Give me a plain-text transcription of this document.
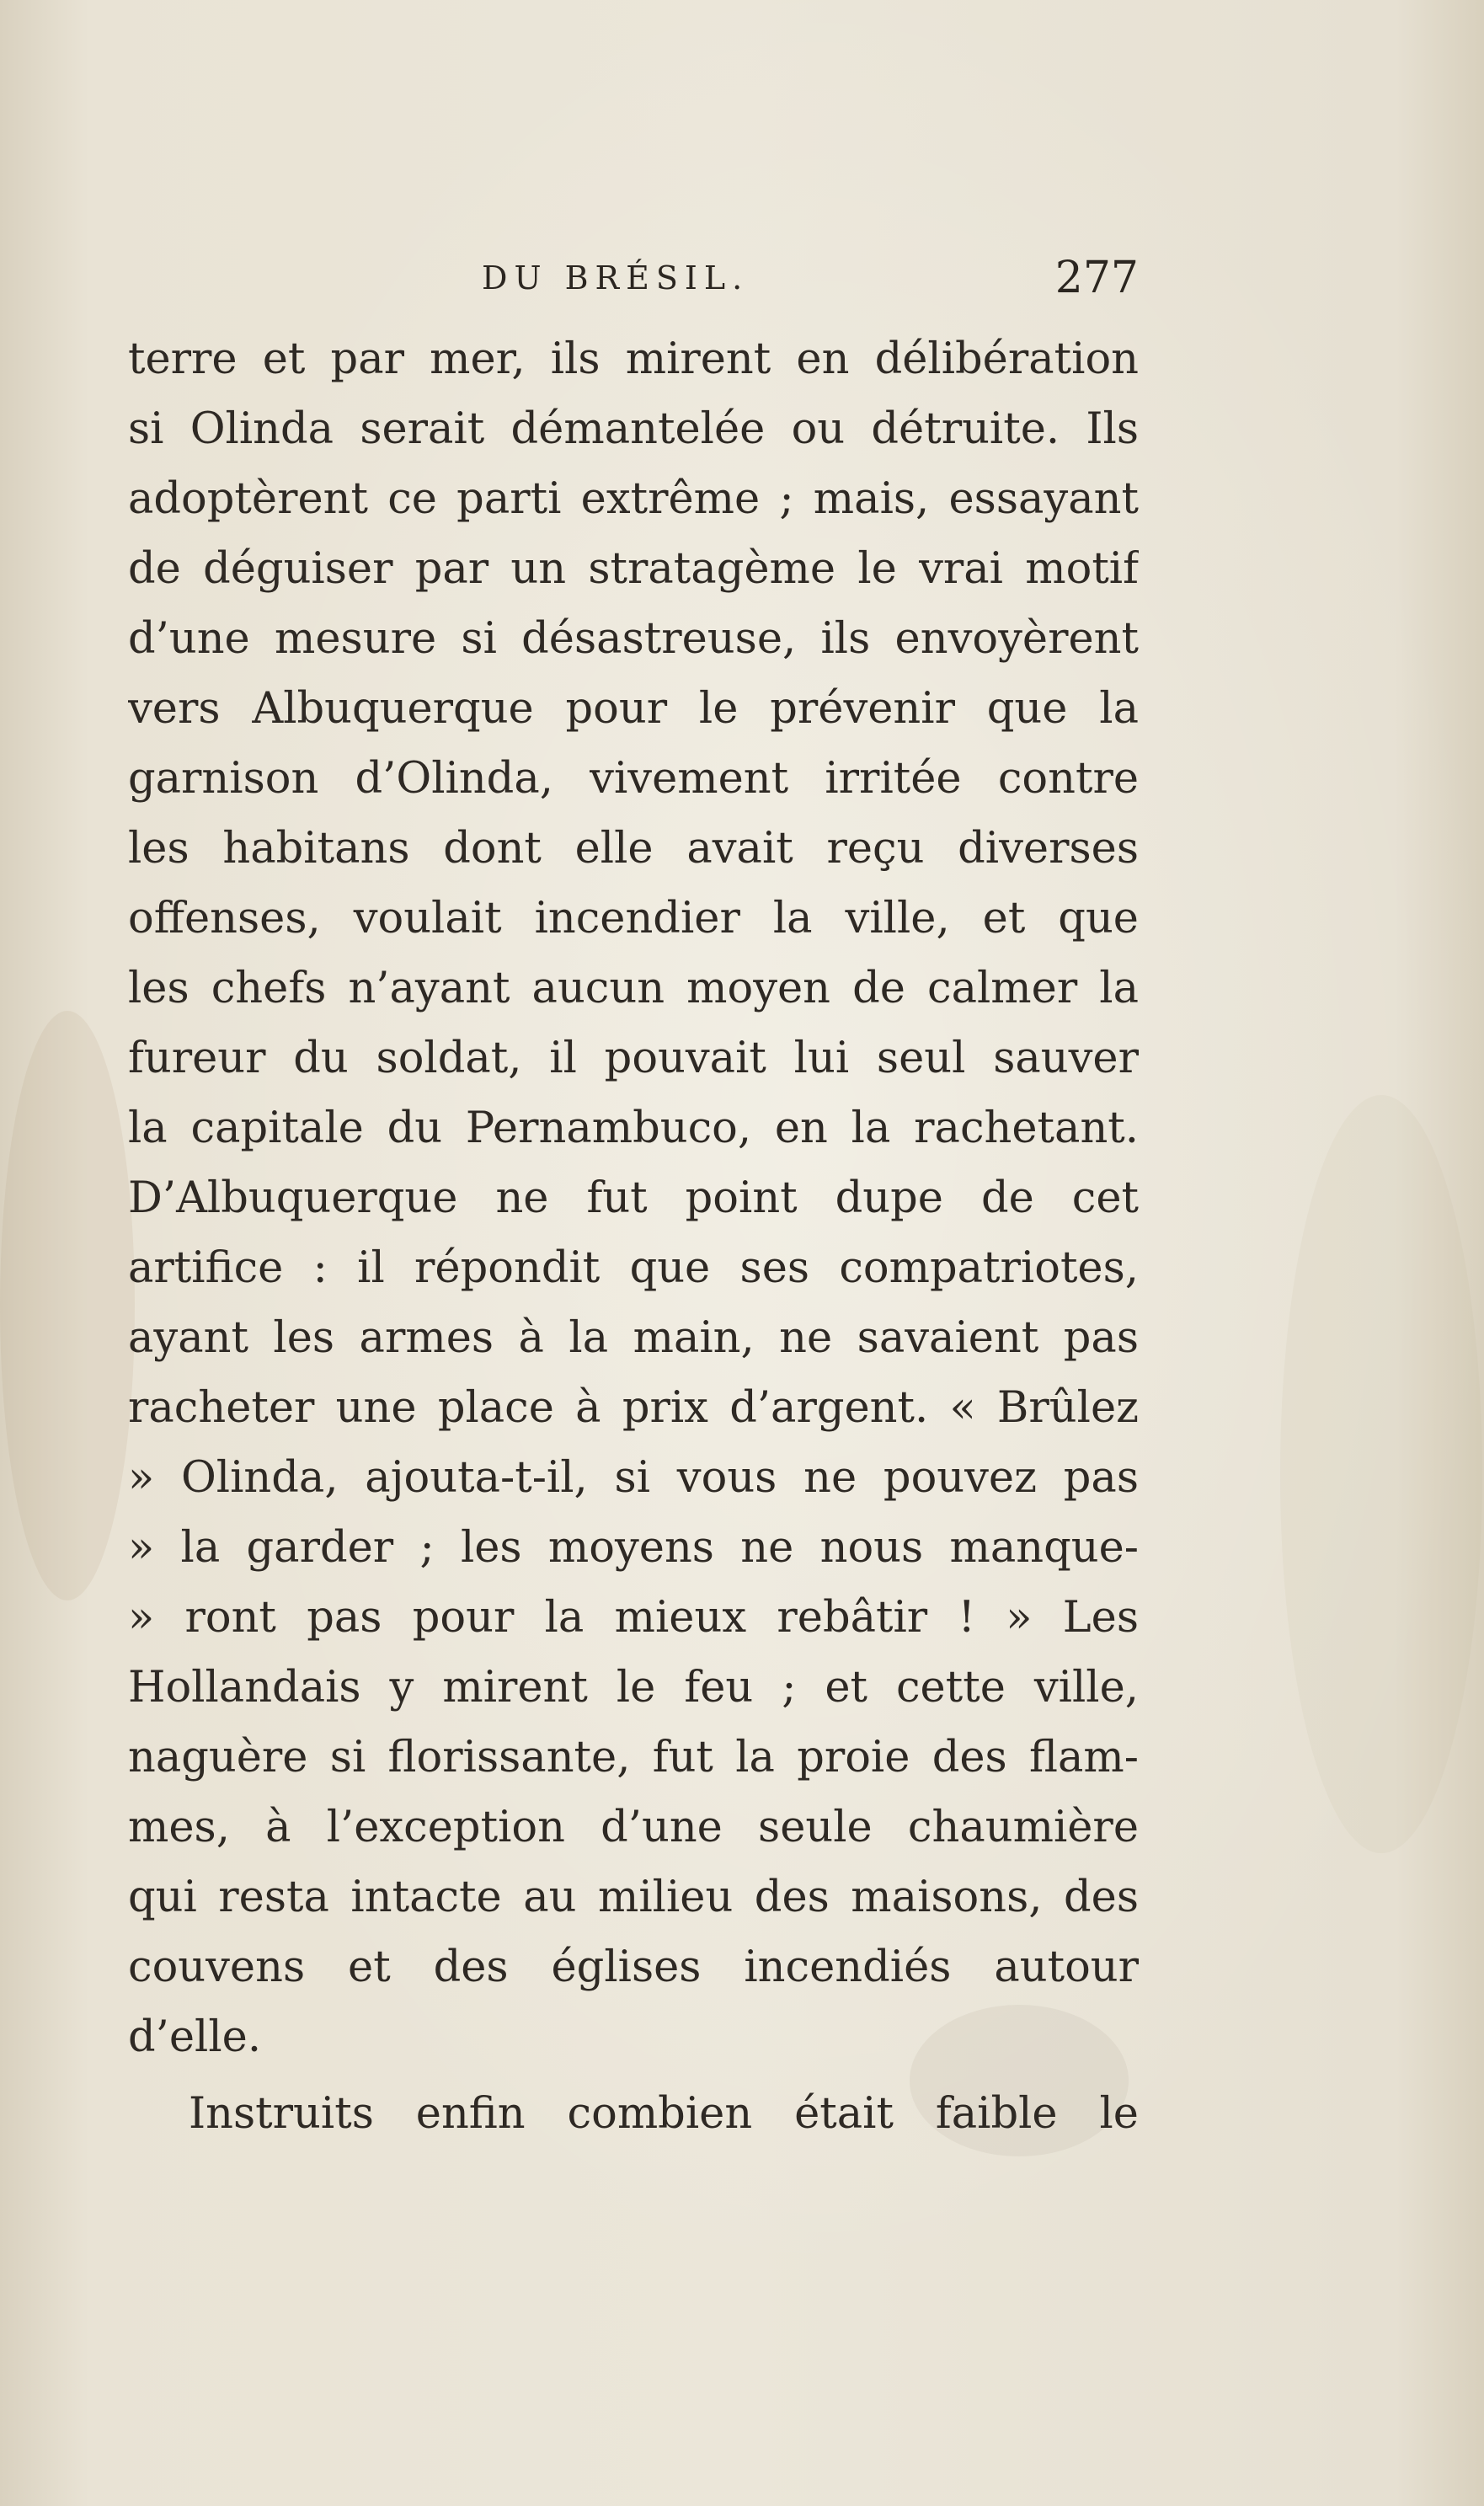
DU BRÉSIL.	277
terre et par mer, ils mirent en délibération
si Olinda serait démantelée ou détruite. Ils
adoptèrent ce parti extrême ; mais, essayant
de déguiser par un stratagème le vrai motif
d’une mesure si désastreuse, ils envoyèrent
vers Albuquerque pour le prévenir que la
garnison d’Olinda, vivement irritée contre
les habitans dont elle avait reçu diverses
offenses, voulait incendier la ville, et que
les chefs n’ayant aucun moyen de calmer la
fureur du soldat, il pouvait lui seul sauver
la capitale du Pernambuco, en la rachetant.
D’Albuquerque ne fut point dupe de cet
artifice : il répondit que ses compatriotes,
ayant les armes à la main, ne savaient pas
racheter une place à prix d’argent. « Brûlez
» Olinda, ajouta-t-il, si vous ne pouvez pas
» la garder ; les moyens ne nous manque-
» ront pas pour la mieux rebâtir ! » Les
Hollandais y mirent le feu ; et cette ville,
naguère si florissante, fut la proie des flam-
mes, à l’exception d’une seule chaumière
qui resta intacte au milieu des maisons, des
couvens et des églises incendiés autour
d’elle.
Instruits enfin combien était faible le
